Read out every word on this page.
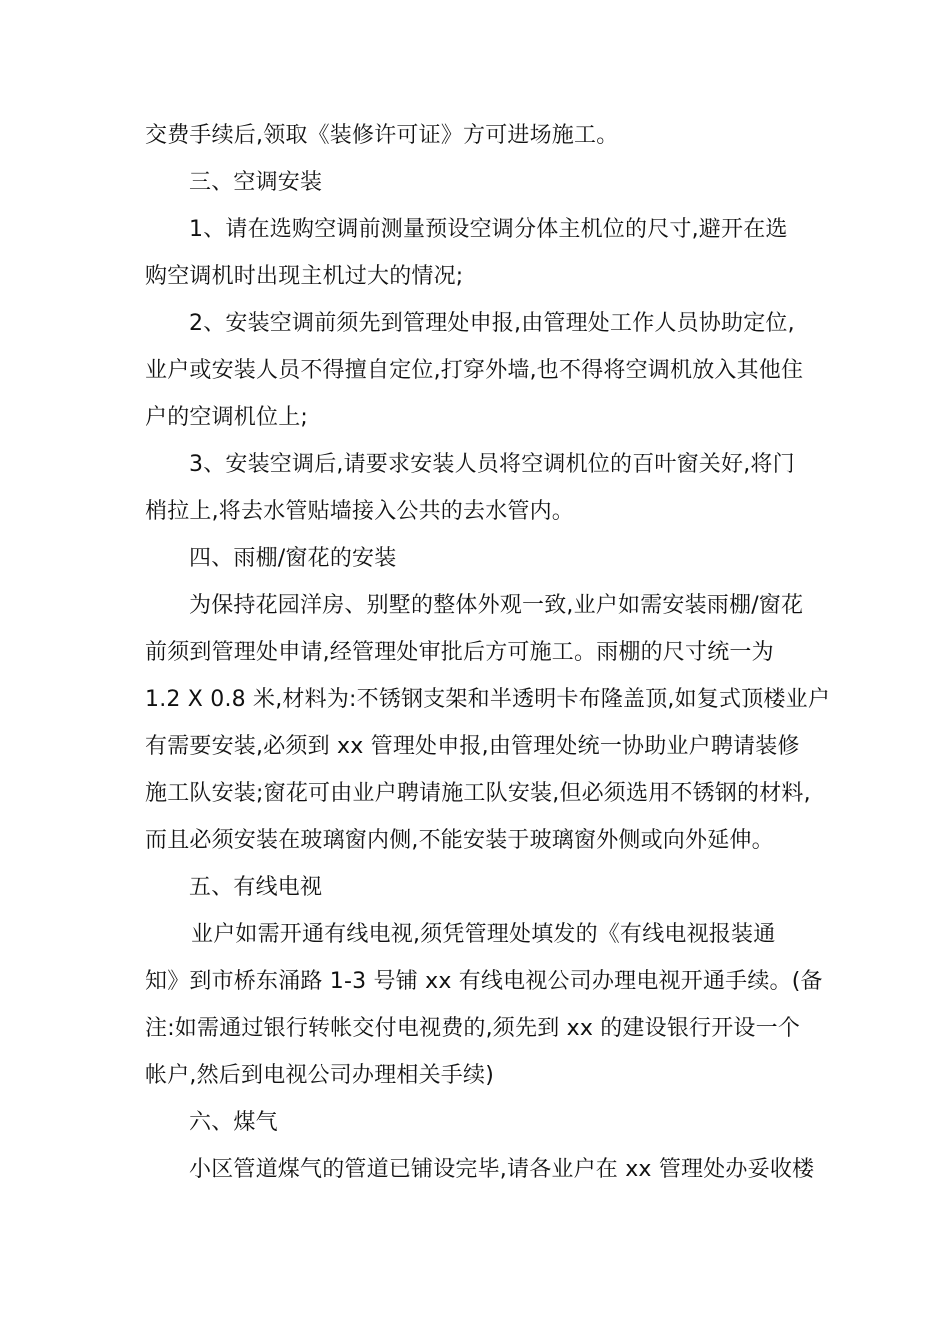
交费手续后,领取《装修许可证》方可进场施工。
三、空调安装
1、请在选购空调前测量预设空调分体主机位的尺寸,避开在选
购空调机时出现主机过大的情况;
2、安装空调前须先到管理处申报,由管理处工作人员协助定位,
业户或安装人员不得擅自定位,打穿外墙,也不得将空调机放入其他住
户的空调机位上;
3、安装空调后,请要求安装人员将空调机位的百叶窗关好,将门
梢拉上,将去水管贴墙接入公共的去水管内。
四、雨棚/窗花的安装
为保持花园洋房、别墅的整体外观一致,业户如需安装雨棚/窗花
前须到管理处申请,经管理处审批后方可施工。雨棚的尺寸统一为
1.2 X 0.8 米,材料为:不锈钢支架和半透明卡布隆盖顶,如复式顶楼业户
有需要安装,必须到 xx 管理处申报,由管理处统一协助业户聘请装修
施工队安装;窗花可由业户聘请施工队安装,但必须选用不锈钢的材料,
而且必须安装在玻璃窗内侧,不能安装于玻璃窗外侧或向外延伸。
五、有线电视
业户如需开通有线电视,须凭管理处填发的《有线电视报装通
知》到市桥东涌路 1-3 号铺 xx 有线电视公司办理电视开通手续。(备
注:如需通过银行转帐交付电视费的,须先到 xx 的建设银行开设一个
帐户,然后到电视公司办理相关手续)
六、煤气
小区管道煤气的管道已铺设完毕,请各业户在 xx 管理处办妥收楼
